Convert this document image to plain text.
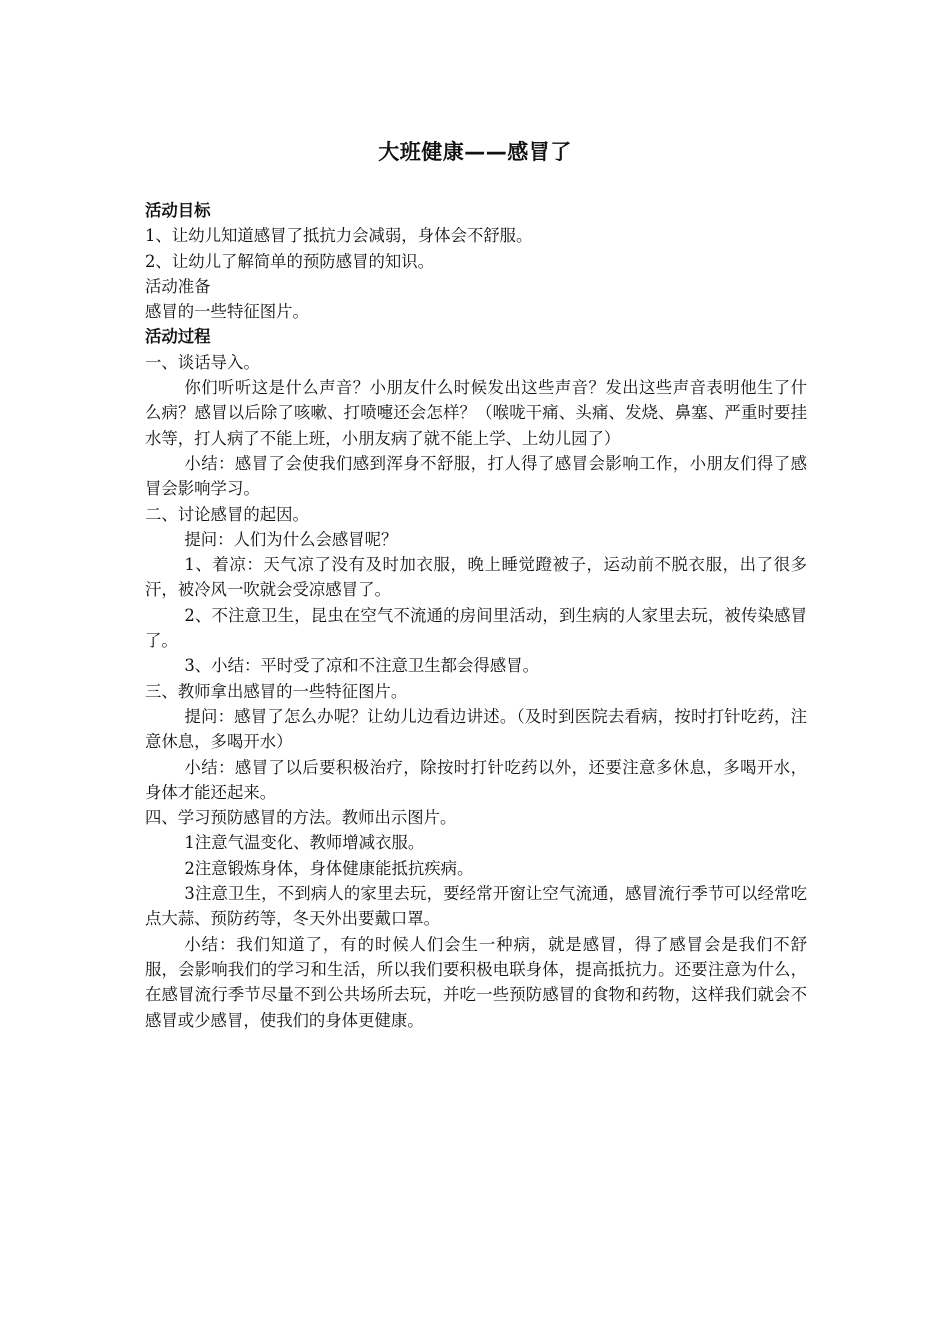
大班健康——感冒了

活动目标

1、让幼儿知道感冒了抵抗力会减弱，身体会不舒服。

2、让幼儿了解简单的预防感冒的知识。

活动准备

感冒的一些特征图片。

活动过程

一、谈话导入。

你们听听这是什么声音？小朋友什么时候发出这些声音？发出这些声音表明他生了什么病？感冒以后除了咳嗽、打喷嚏还会怎样？（喉咙干痛、头痛、发烧、鼻塞、严重时要挂水等，打人病了不能上班，小朋友病了就不能上学、上幼儿园了）

小结：感冒了会使我们感到浑身不舒服，打人得了感冒会影响工作，小朋友们得了感冒会影响学习。

二、讨论感冒的起因。

提问：人们为什么会感冒呢？

1、着凉：天气凉了没有及时加衣服，晚上睡觉蹬被子，运动前不脱衣服，出了很多汗，被冷风一吹就会受凉感冒了。

2、不注意卫生，昆虫在空气不流通的房间里活动，到生病的人家里去玩，被传染感冒了。

3、小结：平时受了凉和不注意卫生都会得感冒。

三、教师拿出感冒的一些特征图片。

提问：感冒了怎么办呢？让幼儿边看边讲述。（及时到医院去看病，按时打针吃药，注意休息，多喝开水）

小结：感冒了以后要积极治疗，除按时打针吃药以外，还要注意多休息，多喝开水，身体才能还起来。

四、学习预防感冒的方法。教师出示图片。

1注意气温变化、教师增减衣服。

2注意锻炼身体，身体健康能抵抗疾病。

3注意卫生，不到病人的家里去玩，要经常开窗让空气流通，感冒流行季节可以经常吃点大蒜、预防药等，冬天外出要戴口罩。

小结：我们知道了，有的时候人们会生一种病，就是感冒，得了感冒会是我们不舒服，会影响我们的学习和生活，所以我们要积极电联身体，提高抵抗力。还要注意为什么，在感冒流行季节尽量不到公共场所去玩，并吃一些预防感冒的食物和药物，这样我们就会不感冒或少感冒，使我们的身体更健康。
